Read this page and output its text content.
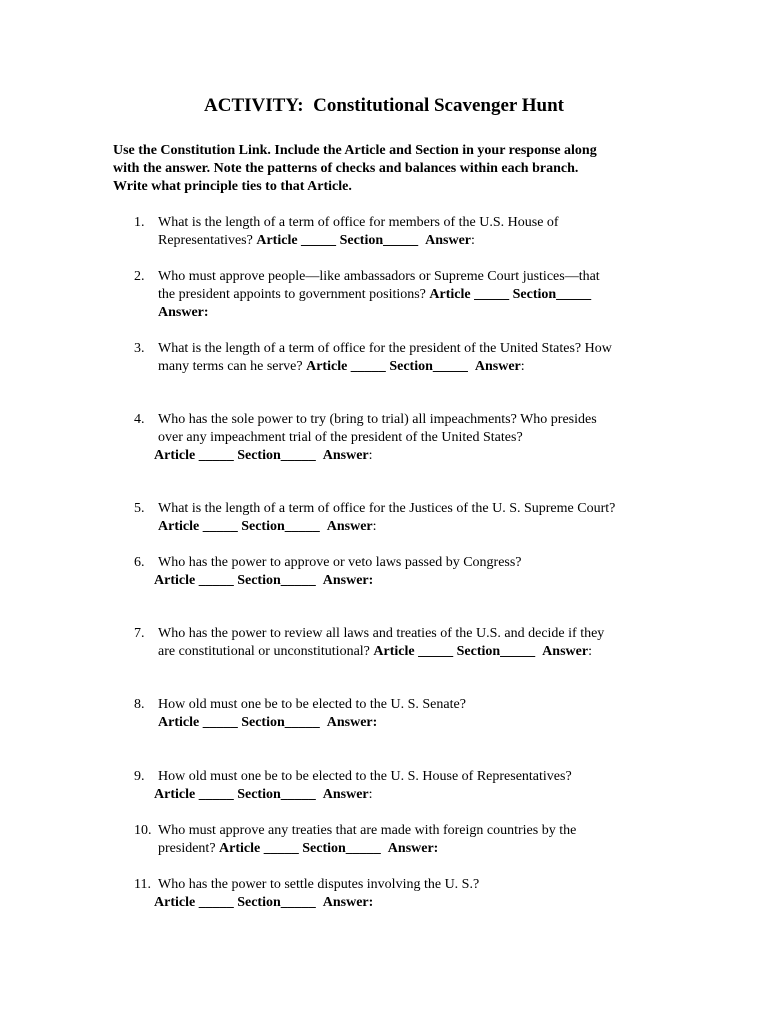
ACTIVITY:  Constitutional Scavenger Hunt
Use the Constitution Link. Include the Article and Section in your response along
with the answer. Note the patterns of checks and balances within each branch.
Write what principle ties to that Article.
1. What is the length of a term of office for members of the U.S. House of
Representatives? Article _____ Section_____ Answer:
2. Who must approve people—like ambassadors or Supreme Court justices—that
the president appoints to government positions? Article _____ Section_____
Answer:
3. What is the length of a term of office for the president of the United States? How
many terms can he serve? Article _____ Section_____ Answer:
4. Who has the sole power to try (bring to trial) all impeachments? Who presides
over any impeachment trial of the president of the United States?
Article _____ Section_____ Answer:
5. What is the length of a term of office for the Justices of the U. S. Supreme Court?
Article _____ Section_____ Answer:
6. Who has the power to approve or veto laws passed by Congress?
Article _____ Section_____ Answer:
7. Who has the power to review all laws and treaties of the U.S. and decide if they
are constitutional or unconstitutional? Article _____ Section_____ Answer:
8. How old must one be to be elected to the U. S. Senate?
Article _____ Section_____ Answer:
9. How old must one be to be elected to the U. S. House of Representatives?
Article _____ Section_____ Answer:
10. Who must approve any treaties that are made with foreign countries by the
president? Article _____ Section_____ Answer:
11. Who has the power to settle disputes involving the U. S.?
Article _____ Section_____ Answer:
